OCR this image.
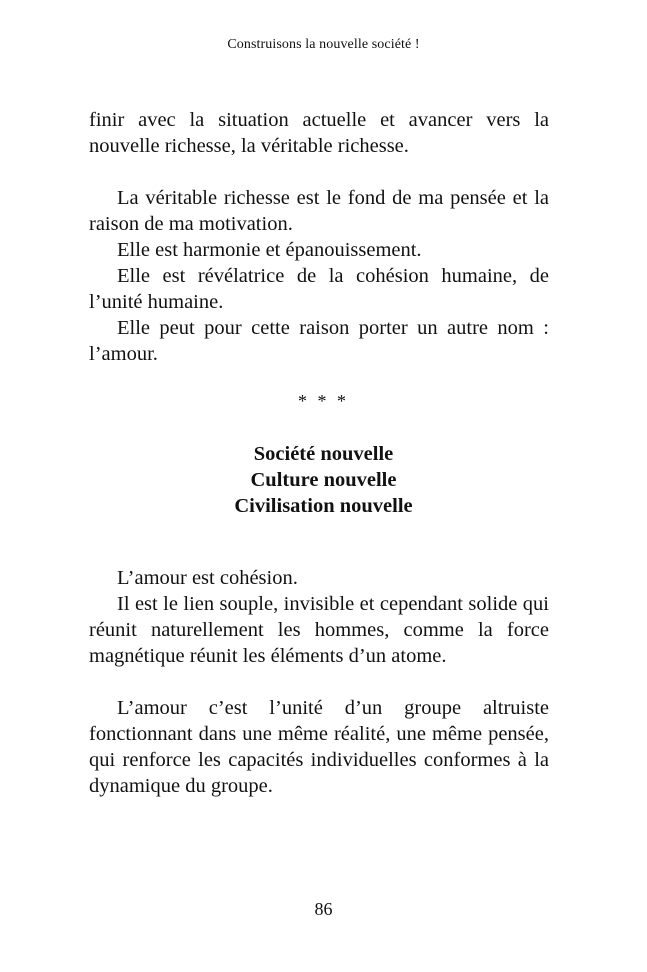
Construisons la nouvelle société !

finir avec la situation actuelle et avancer vers la nouvelle richesse, la véritable richesse.

La véritable richesse est le fond de ma pensée et la raison de ma motivation.

Elle est harmonie et épanouissement.

Elle est révélatrice de la cohésion humaine, de l’unité humaine.

Elle peut pour cette raison porter un autre nom : l’amour.

* * *
Société nouvelle
Culture nouvelle
Civilisation nouvelle

L’amour est cohésion.

Il est le lien souple, invisible et cependant solide qui réunit naturellement les hommes, comme la force magnétique réunit les éléments d’un atome.

L’amour c’est l’unité d’un groupe altruiste fonctionnant dans une même réalité, une même pensée, qui renforce les capacités individuelles conformes à la dynamique du groupe.

86
